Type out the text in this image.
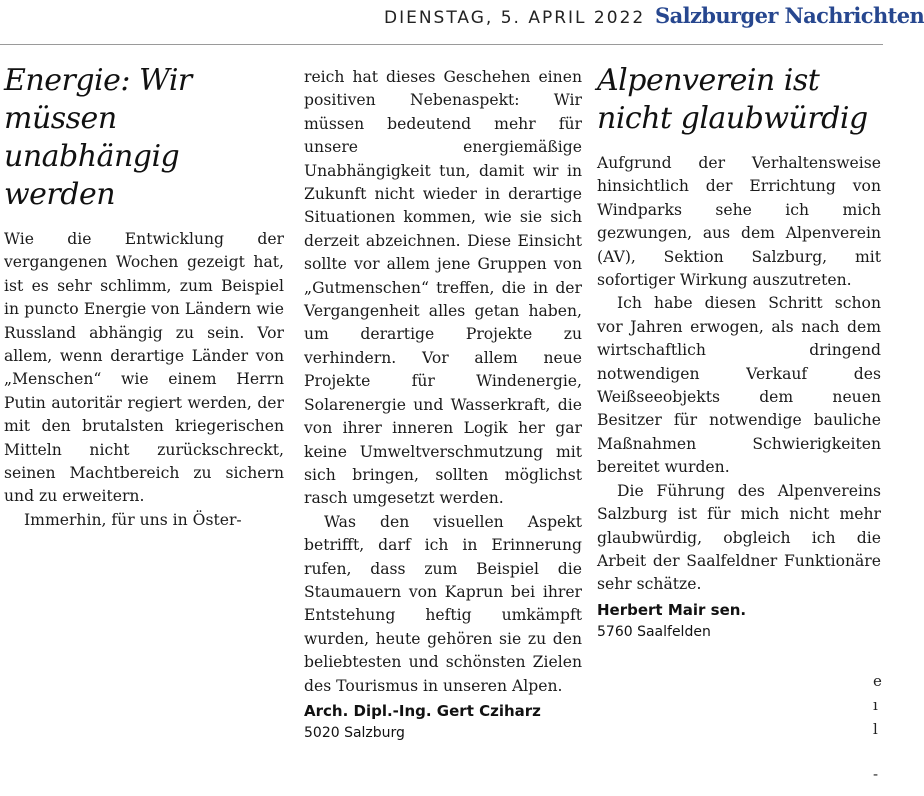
DIENSTAG, 5. APRIL 2022 Salzburger Nachrichten
Energie: Wir müssen
unabhängig werden

Wie die Entwicklung der vergangenen Wochen gezeigt hat, ist es sehr schlimm, zum Beispiel in puncto Energie von Ländern wie Russland abhängig zu sein. Vor allem, wenn derartige Länder von „Menschen“ wie einem Herrn Putin autoritär regiert werden, der mit den brutalsten kriegerischen Mitteln nicht zurückschreckt, seinen Machtbereich zu sichern und zu erweitern.

Immerhin, für uns in Öster-

reich hat dieses Geschehen einen positiven Nebenaspekt: Wir müssen bedeutend mehr für unsere energiemäßige Unabhängigkeit tun, damit wir in Zukunft nicht wieder in derartige Situationen kommen, wie sie sich derzeit abzeichnen. Diese Einsicht sollte vor allem jene Gruppen von „Gutmenschen“ treffen, die in der Vergangenheit alles getan haben, um derartige Projekte zu verhindern. Vor allem neue Projekte für Windenergie, Solarenergie und Wasserkraft, die von ihrer inneren Logik her gar keine Umweltverschmutzung mit sich bringen, sollten möglichst rasch umgesetzt werden.

Was den visuellen Aspekt betrifft, darf ich in Erinnerung rufen, dass zum Beispiel die Staumauern von Kaprun bei ihrer Entstehung heftig umkämpft wurden, heute gehören sie zu den beliebtesten und schönsten Zielen des Tourismus in unseren Alpen.

Arch. Dipl.-Ing. Gert Cziharz
5020 Salzburg
Alpenverein ist
nicht glaubwürdig

Aufgrund der Verhaltensweise hinsichtlich der Errichtung von Windparks sehe ich mich gezwungen, aus dem Alpenverein (AV), Sektion Salzburg, mit sofortiger Wirkung auszutreten.

Ich habe diesen Schritt schon vor Jahren erwogen, als nach dem wirtschaftlich dringend notwendigen Verkauf des Weißseeobjekts dem neuen Besitzer für notwendige bauliche Maßnahmen Schwierigkeiten bereitet wurden.

Die Führung des Alpenvereins Salzburg ist für mich nicht mehr glaubwürdig, obgleich ich die Arbeit der Saalfeldner Funktionäre sehr schätze.

Herbert Mair sen.
5760 Saalfelden
e
ı
l
-
